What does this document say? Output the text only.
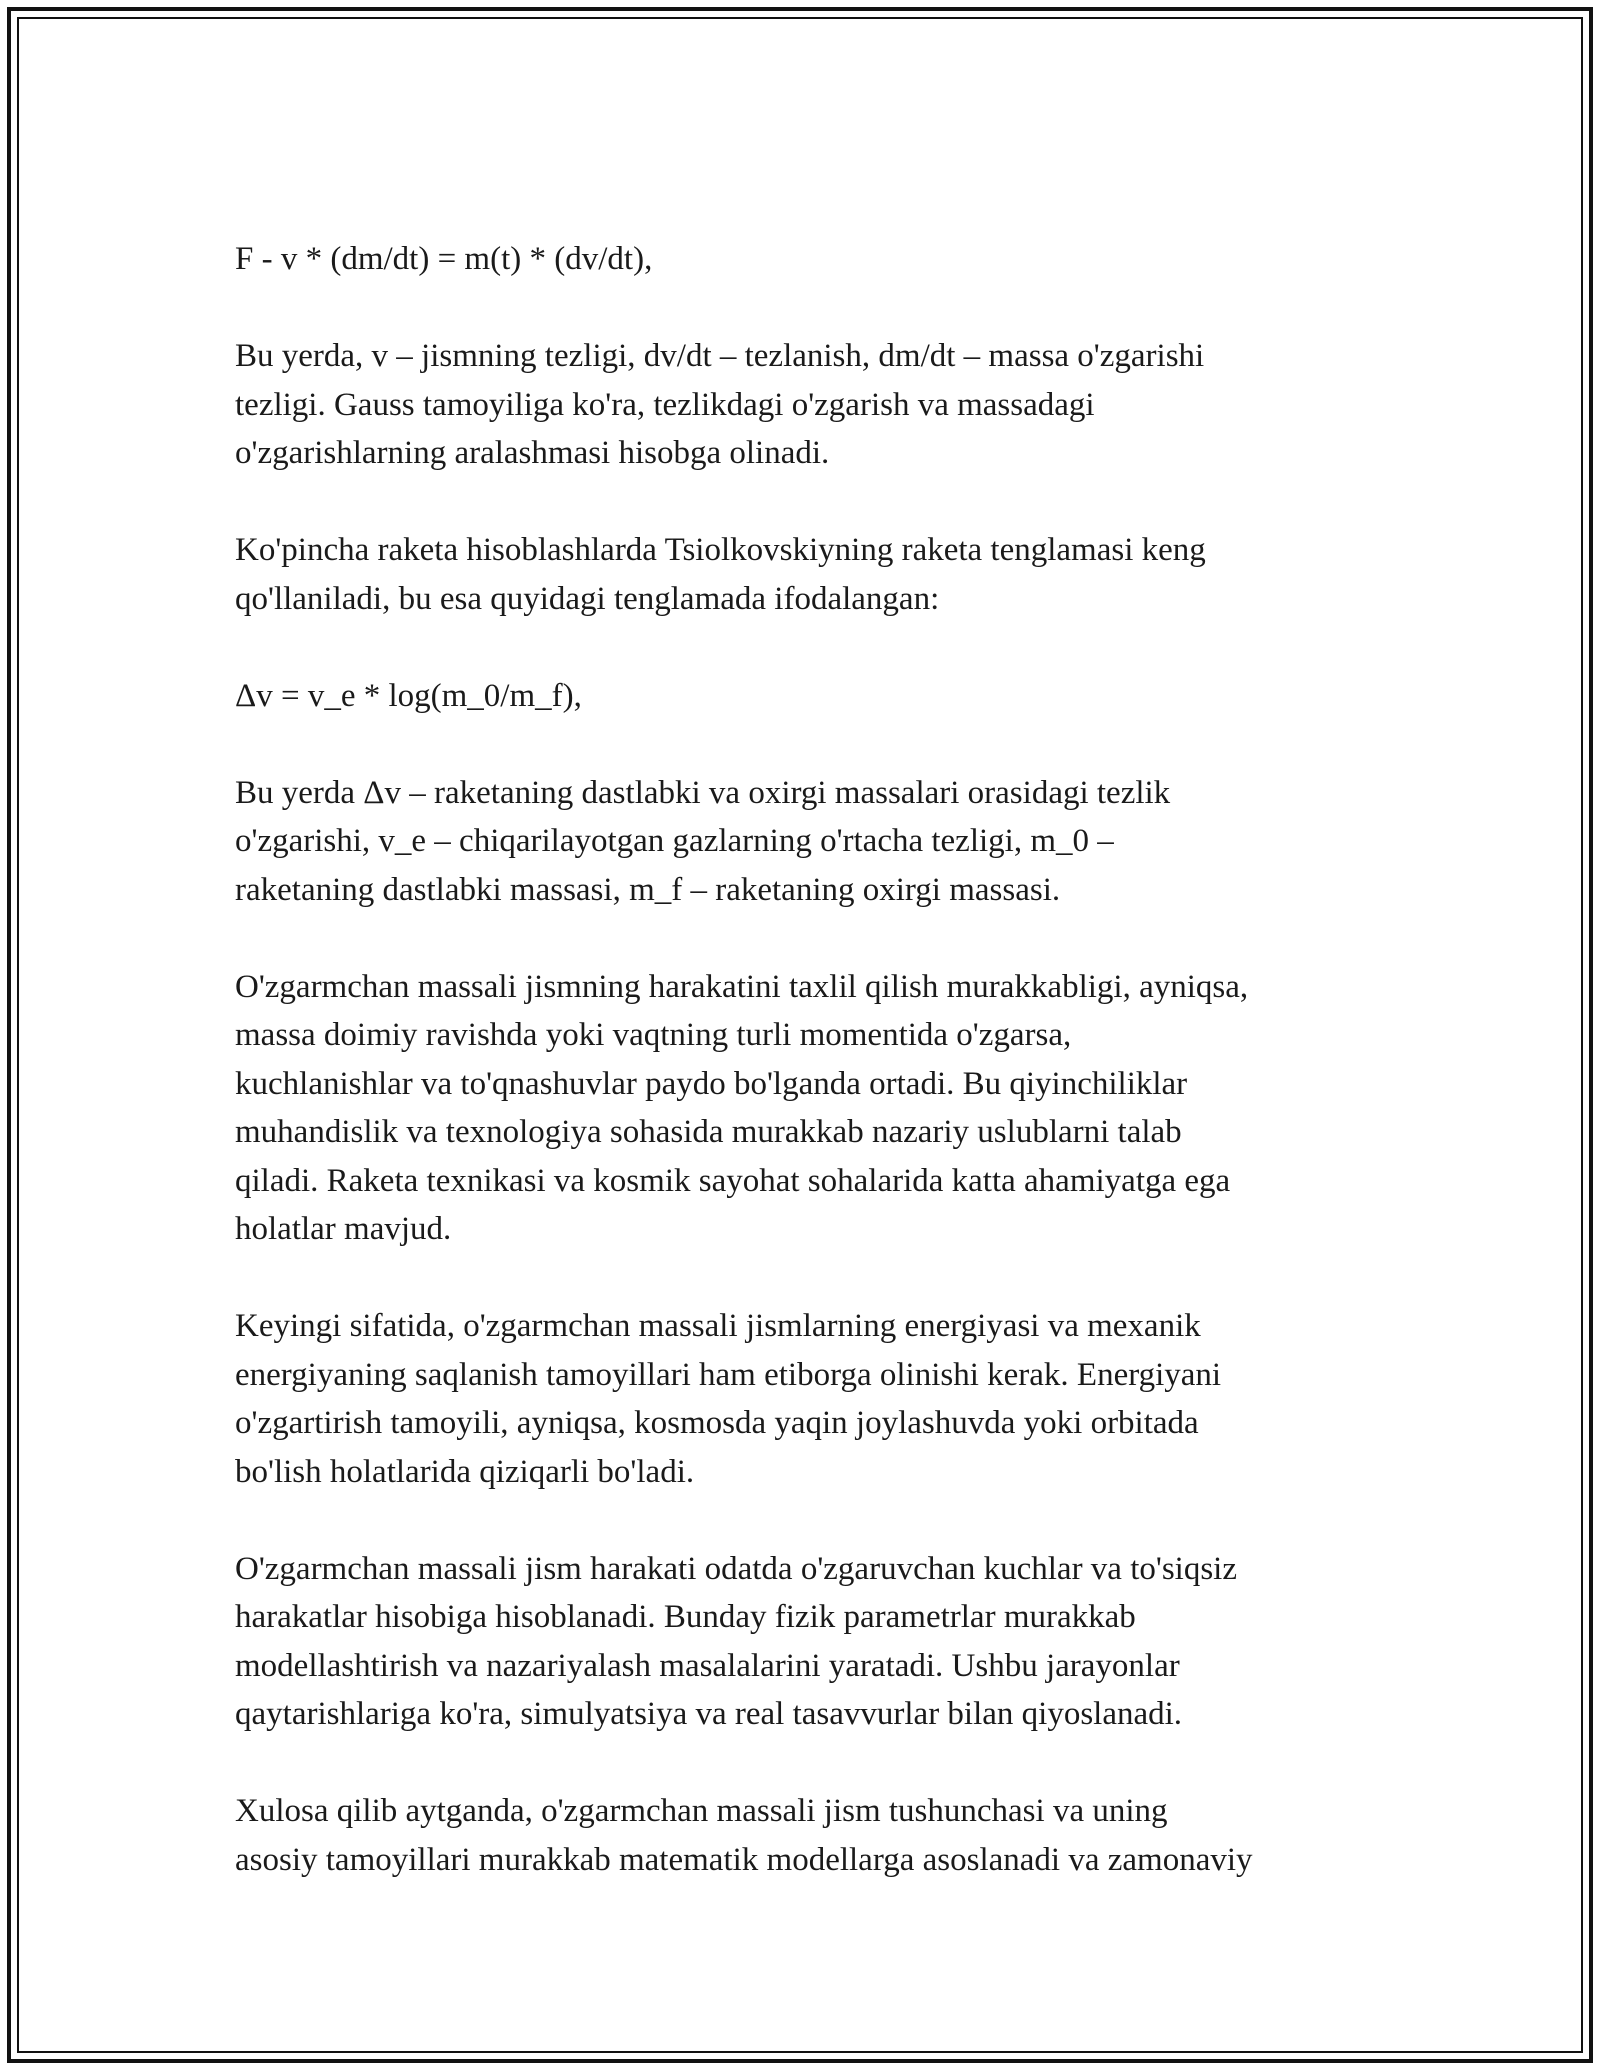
F - v * (dm/dt) = m(t) * (dv/dt),

Bu yerda, v – jismning tezligi, dv/dt – tezlanish, dm/dt – massa o'zgarishi
tezligi. Gauss tamoyiliga ko'ra, tezlikdagi o'zgarish va massadagi
o'zgarishlarning aralashmasi hisobga olinadi.

Ko'pincha raketa hisoblashlarda Tsiolkovskiyning raketa tenglamasi keng
qo'llaniladi, bu esa quyidagi tenglamada ifodalangan:

Δv = v_e * log(m_0/m_f),

Bu yerda Δv – raketaning dastlabki va oxirgi massalari orasidagi tezlik
o'zgarishi, v_e – chiqarilayotgan gazlarning o'rtacha tezligi, m_0 –
raketaning dastlabki massasi, m_f – raketaning oxirgi massasi.

O'zgarmchan massali jismning harakatini taxlil qilish murakkabligi, ayniqsa,
massa doimiy ravishda yoki vaqtning turli momentida o'zgarsa,
kuchlanishlar va to'qnashuvlar paydo bo'lganda ortadi. Bu qiyinchiliklar
muhandislik va texnologiya sohasida murakkab nazariy uslublarni talab
qiladi. Raketa texnikasi va kosmik sayohat sohalarida katta ahamiyatga ega
holatlar mavjud.

Keyingi sifatida, o'zgarmchan massali jismlarning energiyasi va mexanik
energiyaning saqlanish tamoyillari ham etiborga olinishi kerak. Energiyani
o'zgartirish tamoyili, ayniqsa, kosmosda yaqin joylashuvda yoki orbitada
bo'lish holatlarida qiziqarli bo'ladi.

O'zgarmchan massali jism harakati odatda o'zgaruvchan kuchlar va to'siqsiz
harakatlar hisobiga hisoblanadi. Bunday fizik parametrlar murakkab
modellashtirish va nazariyalash masalalarini yaratadi. Ushbu jarayonlar
qaytarishlariga ko'ra, simulyatsiya va real tasavvurlar bilan qiyoslanadi.

Xulosa qilib aytganda, o'zgarmchan massali jism tushunchasi va uning
asosiy tamoyillari murakkab matematik modellarga asoslanadi va zamonaviy
